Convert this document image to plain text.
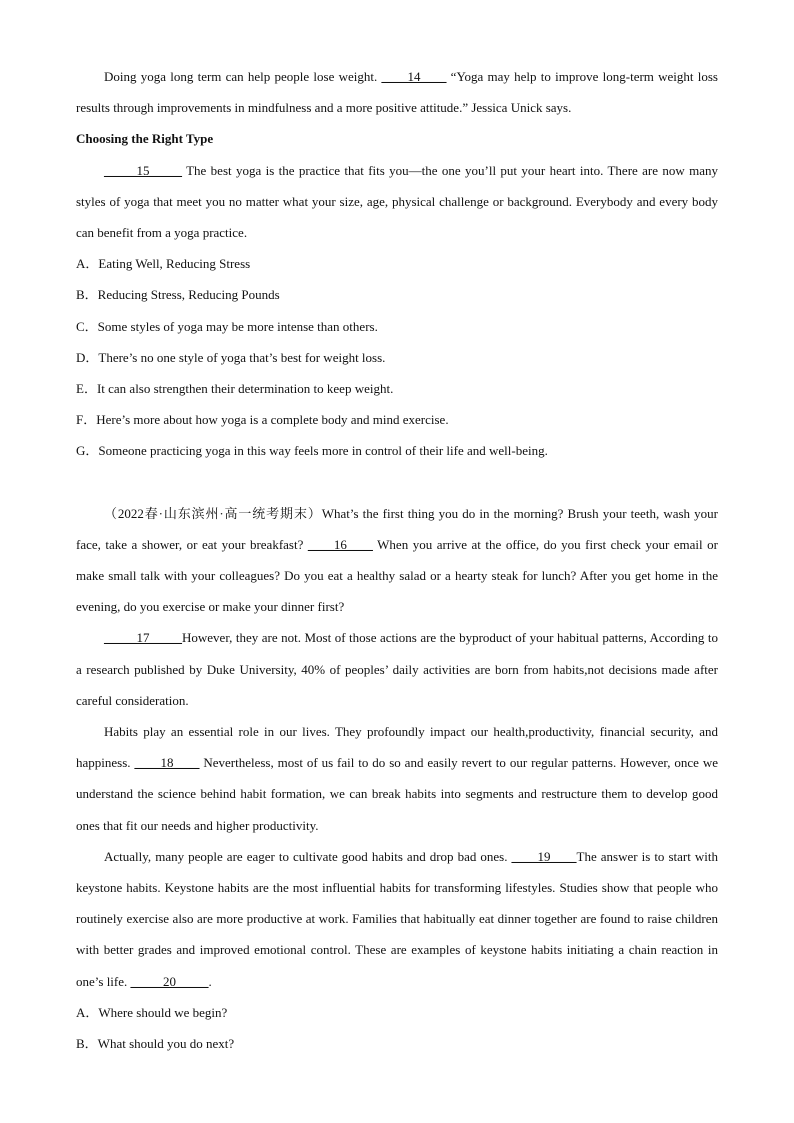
Doing yoga long term can help people lose weight. ____14____ “Yoga may help to improve long-term weight loss results through improvements in mindfulness and a more positive attitude.” Jessica Unick says.

Choosing the Right Type

_____15_____ The best yoga is the practice that fits you—the one you’ll put your heart into. There are now many styles of yoga that meet you no matter what your size, age, physical challenge or background. Everybody and every body can benefit from a yoga practice.

A．Eating Well, Reducing Stress

B．Reducing Stress, Reducing Pounds

C．Some styles of yoga may be more intense than others.

D．There’s no one style of yoga that’s best for weight loss.

E．It can also strengthen their determination to keep weight.

F．Here’s more about how yoga is a complete body and mind exercise.

G．Someone practicing yoga in this way feels more in control of their life and well-being.

（2022春·山东滨州·高一统考期末）What’s the first thing you do in the morning? Brush your teeth, wash your face, take a shower, or eat your breakfast? ____16____ When you arrive at the office, do you first check your email or make small talk with your colleagues? Do you eat a healthy salad or a hearty steak for lunch? After you get home in the evening, do you exercise or make your dinner first?

_____17_____However, they are not. Most of those actions are the byproduct of your habitual patterns, According to a research published by Duke University, 40% of peoples’ daily activities are born from habits,not decisions made after careful consideration.

Habits play an essential role in our lives. They profoundly impact our health,productivity, financial security, and happiness. ____18____ Nevertheless, most of us fail to do so and easily revert to our regular patterns. However, once we understand the science behind habit formation, we can break habits into segments and restructure them to develop good ones that fit our needs and higher productivity.

Actually, many people are eager to cultivate good habits and drop bad ones. ____19____The answer is to start with keystone habits. Keystone habits are the most influential habits for transforming lifestyles. Studies show that people who routinely exercise also are more productive at work. Families that habitually eat dinner together are found to raise children with better grades and improved emotional control. These are examples of keystone habits initiating a chain reaction in one’s life. _____20_____.

A．Where should we begin?

B．What should you do next?
